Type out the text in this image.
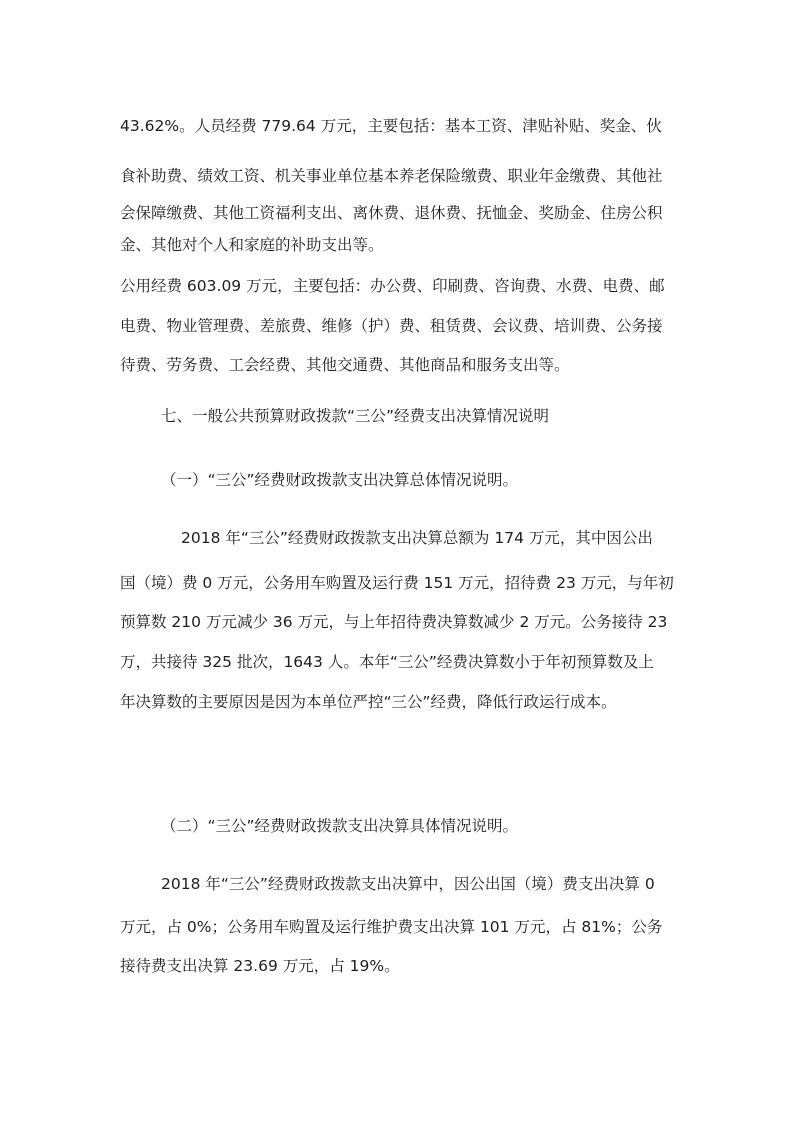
43.62%。人员经费 779.64 万元，主要包括：基本工资、津贴补贴、奖金、伙
食补助费、绩效工资、机关事业单位基本养老保险缴费、职业年金缴费、其他社
会保障缴费、其他工资福利支出、离休费、退休费、抚恤金、奖励金、住房公积
金、其他对个人和家庭的补助支出等。
公用经费 603.09 万元，主要包括：办公费、印刷费、咨询费、水费、电费、邮
电费、物业管理费、差旅费、维修（护）费、租赁费、会议费、培训费、公务接
待费、劳务费、工会经费、其他交通费、其他商品和服务支出等。
七、一般公共预算财政拨款“三公”经费支出决算情况说明
（一）“三公”经费财政拨款支出决算总体情况说明。
2018 年“三公”经费财政拨款支出决算总额为 174 万元，其中因公出
国（境）费 0 万元，公务用车购置及运行费 151 万元，招待费 23 万元，与年初
预算数 210 万元减少 36 万元，与上年招待费决算数减少 2 万元。公务接待 23
万，共接待 325 批次，1643 人。本年“三公”经费决算数小于年初预算数及上
年决算数的主要原因是因为本单位严控“三公”经费，降低行政运行成本。
（二）“三公”经费财政拨款支出决算具体情况说明。
2018 年“三公”经费财政拨款支出决算中，因公出国（境）费支出决算 0
万元，占 0%；公务用车购置及运行维护费支出决算 101 万元，占 81%；公务
接待费支出决算 23.69 万元，占 19%。
